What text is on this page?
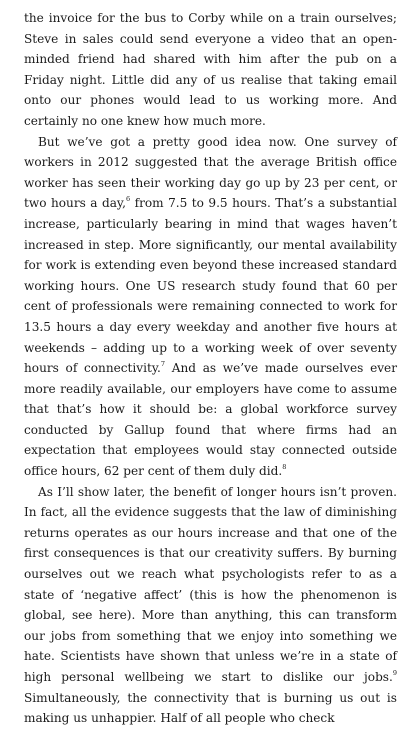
the invoice for the bus to Corby while on a train ourselves; Steve in sales could send everyone a video that an open-minded friend had shared with him after the pub on a Friday night. Little did any of us realise that taking email onto our phones would lead to us working more. And certainly no one knew how much more.

But we’ve got a pretty good idea now. One survey of workers in 2012 suggested that the average British office worker has seen their working day go up by 23 per cent, or two hours a day,$^6$ from 7.5 to 9.5 hours. That’s a substantial increase, particularly bearing in mind that wages haven’t increased in step. More significantly, our mental availability for work is extending even beyond these increased standard working hours. One US research study found that 60 per cent of professionals were remaining connected to work for 13.5 hours a day every weekday and another five hours at weekends – adding up to a working week of over seventy hours of connectivity.$^7$ And as we’ve made ourselves ever more readily available, our employers have come to assume that that’s how it should be: a global workforce survey conducted by Gallup found that where firms had an expectation that employees would stay connected outside office hours, 62 per cent of them duly did.$^8$

As I’ll show later, the benefit of longer hours isn’t proven. In fact, all the evidence suggests that the law of diminishing returns operates as our hours increase and that one of the first consequences is that our creativity suffers. By burning ourselves out we reach what psychologists refer to as a state of ‘negative affect’ (this is how the phenomenon is global, see here). More than anything, this can transform our jobs from something that we enjoy into something we hate. Scientists have shown that unless we’re in a state of high personal wellbeing we start to dislike our jobs.$^9$ Simultaneously, the connectivity that is burning us out is making us unhappier. Half of all people who check
